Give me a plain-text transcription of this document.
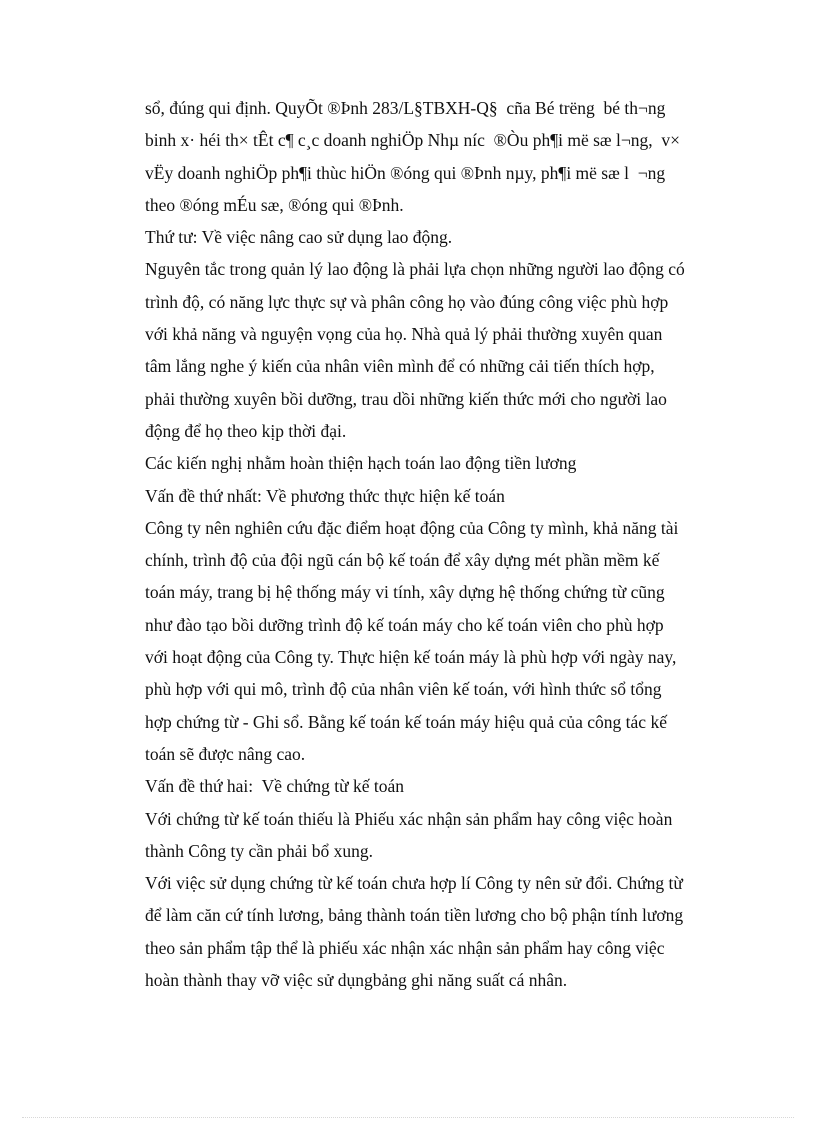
sổ, đúng qui định. QuyÕt ®Þnh 283/L§TBXH-Q§  cña Bé trëng  bé th¬ng
binh x· héi th× tÊt c¶ c¸c doanh nghiÖp Nhµ níc  ®Òu ph¶i më sæ l¬ng,  v×
vËy doanh nghiÖp ph¶i thùc hiÖn ®óng qui ®Þnh nµy, ph¶i më sæ l  ¬ng
theo ®óng mÉu sæ, ®óng qui ®Þnh.
Thứ tư: Về việc nâng cao sử dụng lao động.
Nguyên tắc trong quản lý lao động là phải lựa chọn những người lao động có
trình độ, có năng lực thực sự và phân công họ vào đúng công việc phù hợp
với khả năng và nguyện vọng của họ. Nhà quả lý phải thường xuyên quan
tâm lắng nghe ý kiến của nhân viên mình để có những cải tiến thích hợp,
phải thường xuyên bồi dưỡng, trau dồi những kiến thức mới cho người lao
động để họ theo kịp thời đại.
Các kiến nghị nhằm hoàn thiện hạch toán lao động tiền lương
Vấn đề thứ nhất: Về phương thức thực hiện kế toán
Công ty nên nghiên cứu đặc điểm hoạt động của Công ty mình, khả năng tài
chính, trình độ của đội ngũ cán bộ kế toán để xây dựng mét phần mềm kế
toán máy, trang bị hệ thống máy vi tính, xây dựng hệ thống chứng từ cũng
như đào tạo bồi dưỡng trình độ kế toán máy cho kế toán viên cho phù hợp
với hoạt động của Công ty. Thực hiện kế toán máy là phù hợp với ngày nay,
phù hợp với qui mô, trình độ của nhân viên kế toán, với hình thức sổ tổng
hợp chứng từ - Ghi sổ. Bằng kế toán kế toán máy hiệu quả của công tác kế
toán sẽ được nâng cao.
Vấn đề thứ hai:  Về chứng từ kế toán
Với chứng từ kế toán thiếu là Phiếu xác nhận sản phẩm hay công việc hoàn
thành Công ty cần phải bổ xung.
Với việc sử dụng chứng từ kế toán chưa hợp lí Công ty nên sử đổi. Chứng từ
để làm căn cứ tính lương, bảng thành toán tiền lương cho bộ phận tính lương
theo sản phẩm tập thể là phiếu xác nhận xác nhận sản phẩm hay công việc
hoàn thành thay vỡ việc sử dụngbảng ghi năng suất cá nhân.
